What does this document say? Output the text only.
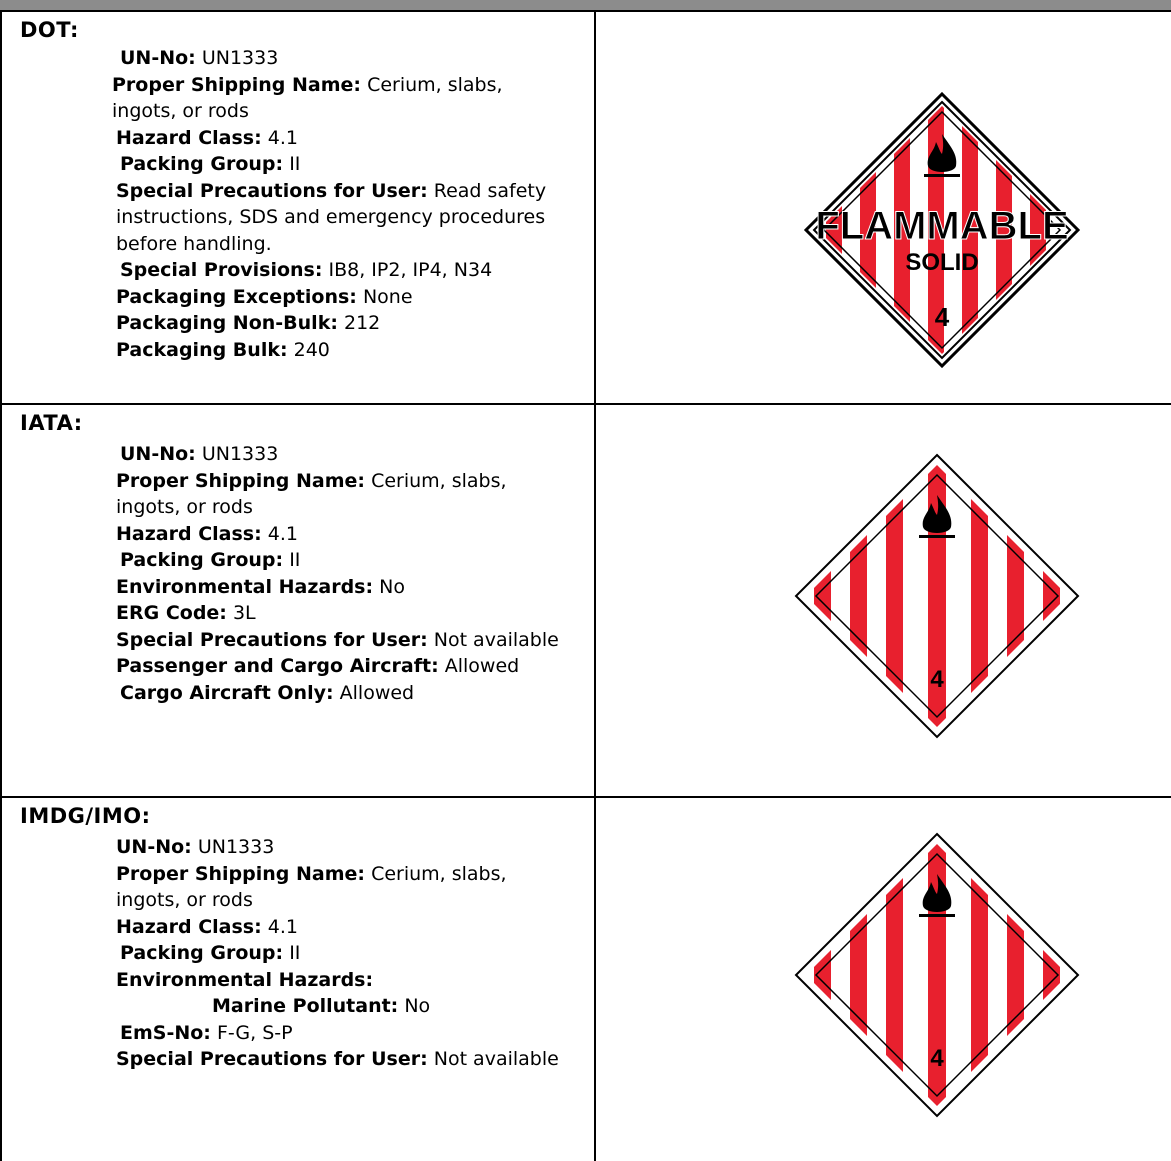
DOT:
UN-No: UN1333
Proper Shipping Name: Cerium, slabs, ingots, or rods
Hazard Class: 4.1
Packing Group: II
Special Precautions for User: Read safety instructions, SDS and emergency procedures before handling.
Special Provisions: IB8, IP2, IP4, N34
Packaging Exceptions: None
Packaging Non-Bulk: 212
Packaging Bulk: 240
FLAMMABLE
SOLID
4
IATA:
UN-No: UN1333
Proper Shipping Name: Cerium, slabs, ingots, or rods
Hazard Class: 4.1
Packing Group: II
Environmental Hazards: No
ERG Code: 3L
Special Precautions for User: Not available
Passenger and Cargo Aircraft: Allowed
Cargo Aircraft Only: Allowed	4
IMDG/IMO:
UN-No: UN1333
Proper Shipping Name: Cerium, slabs, ingots, or rods
Hazard Class: 4.1
Packing Group: II
Environmental Hazards:
Marine Pollutant: No
EmS-No: F-G, S-P
Special Precautions for User: Not available	4
